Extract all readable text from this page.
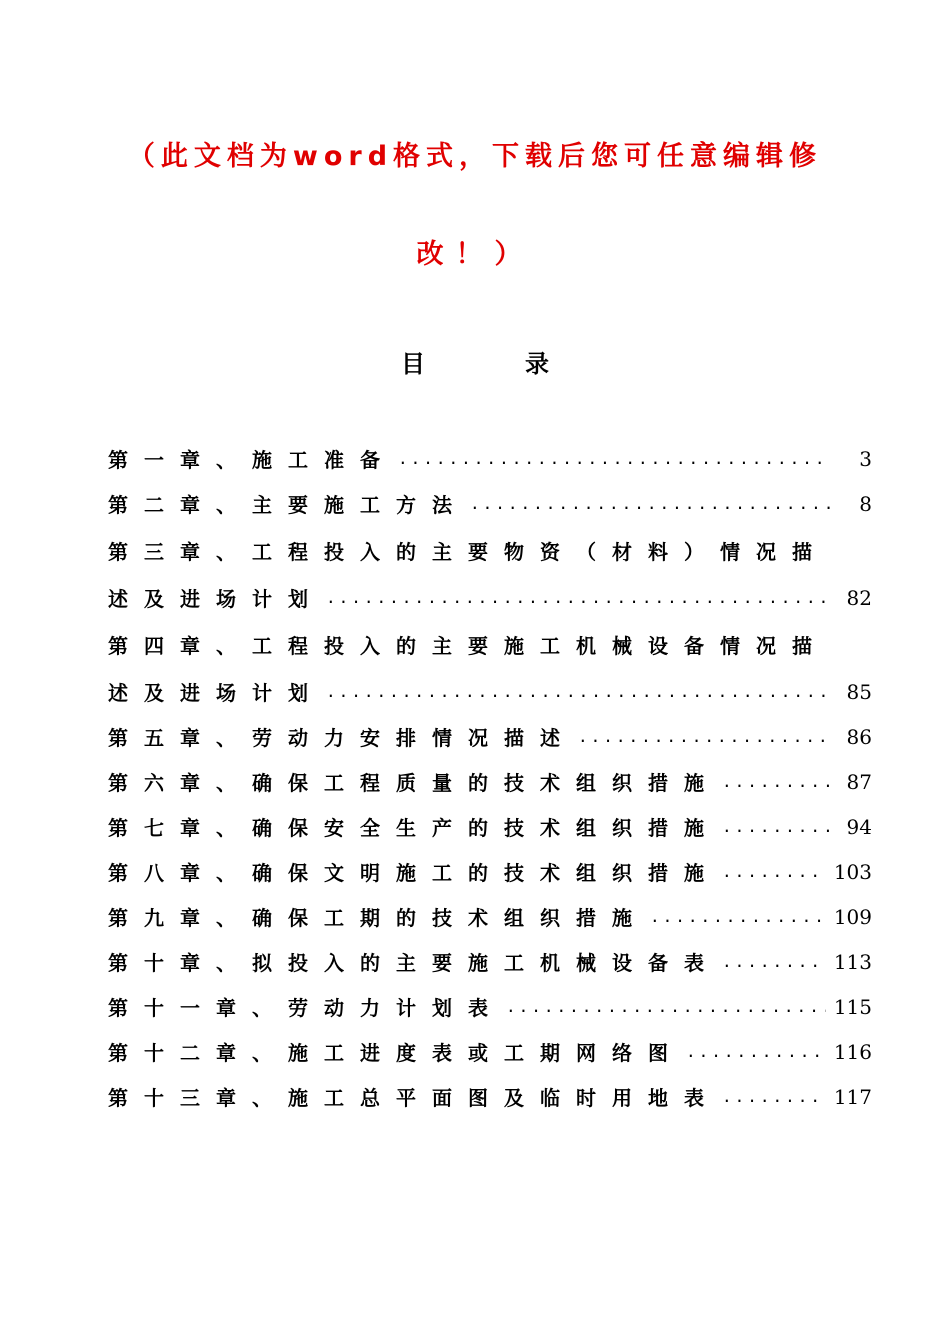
（此文档为word格式，下载后您可任意编辑修
改！）
目录
第一章、施工准备 .....	3
第二章、主要施工方法 .....	8
第三章、工程投入的主要物资（材料）情况描
述及进场计划 .....	82
第四章、工程投入的主要施工机械设备情况描
述及进场计划 .....	85
第五章、劳动力安排情况描述 .....	86
第六章、确保工程质量的技术组织措施 .....	87
第七章、确保安全生产的技术组织措施 .....	94
第八章、确保文明施工的技术组织措施 .....	103
第九章、确保工期的技术组织措施 .....	109
第十章、拟投入的主要施工机械设备表 .....	113
第十一章、劳动力计划表 .....	115
第十二章、施工进度表或工期网络图 .....	116
第十三章、施工总平面图及临时用地表 .....	117
